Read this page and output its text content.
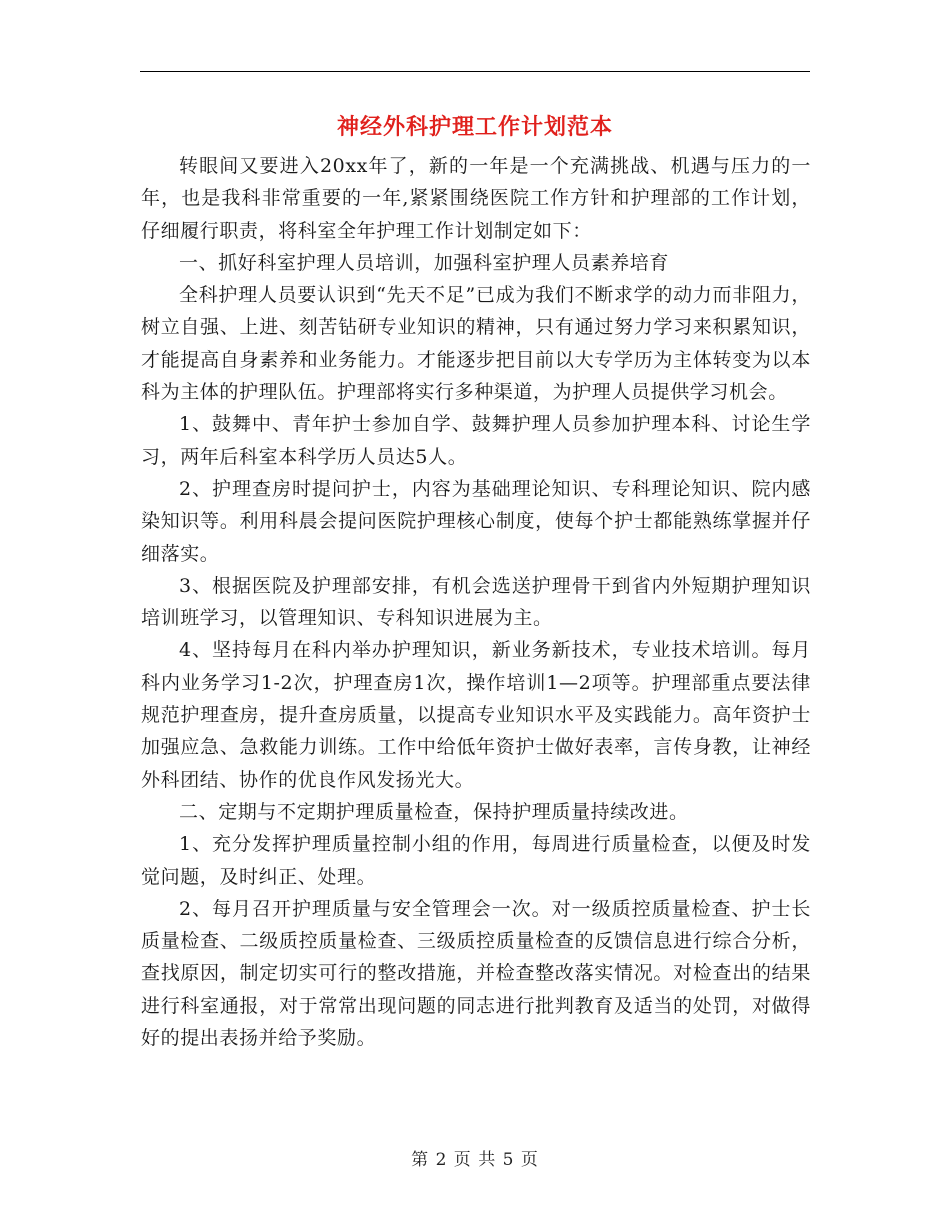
神经外科护理工作计划范本

转眼间又要进入20xx年了，新的一年是一个充满挑战、机遇与压力的一年，也是我科非常重要的一年,紧紧围绕医院工作方针和护理部的工作计划，仔细履行职责，将科室全年护理工作计划制定如下：

一、抓好科室护理人员培训，加强科室护理人员素养培育

全科护理人员要认识到“先天不足”已成为我们不断求学的动力而非阻力，树立自强、上进、刻苦钻研专业知识的精神，只有通过努力学习来积累知识，才能提高自身素养和业务能力。才能逐步把目前以大专学历为主体转变为以本科为主体的护理队伍。护理部将实行多种渠道，为护理人员提供学习机会。

1、鼓舞中、青年护士参加自学、鼓舞护理人员参加护理本科、讨论生学习，两年后科室本科学历人员达5人。

2、护理查房时提问护士，内容为基础理论知识、专科理论知识、院内感染知识等。利用科晨会提问医院护理核心制度，使每个护士都能熟练掌握并仔细落实。

3、根据医院及护理部安排，有机会选送护理骨干到省内外短期护理知识培训班学习，以管理知识、专科知识进展为主。

4、坚持每月在科内举办护理知识，新业务新技术，专业技术培训。每月科内业务学习1-2次，护理查房1次，操作培训1—2项等。护理部重点要法律规范护理查房，提升查房质量，以提高专业知识水平及实践能力。高年资护士加强应急、急救能力训练。工作中给低年资护士做好表率，言传身教，让神经外科团结、协作的优良作风发扬光大。

二、定期与不定期护理质量检查，保持护理质量持续改进。

1、充分发挥护理质量控制小组的作用，每周进行质量检查，以便及时发觉问题，及时纠正、处理。

2、每月召开护理质量与安全管理会一次。对一级质控质量检查、护士长质量检查、二级质控质量检查、三级质控质量检查的反馈信息进行综合分析，查找原因，制定切实可行的整改措施，并检查整改落实情况。对检查出的结果进行科室通报，对于常常出现问题的同志进行批判教育及适当的处罚，对做得好的提出表扬并给予奖励。

第 2 页 共 5 页
